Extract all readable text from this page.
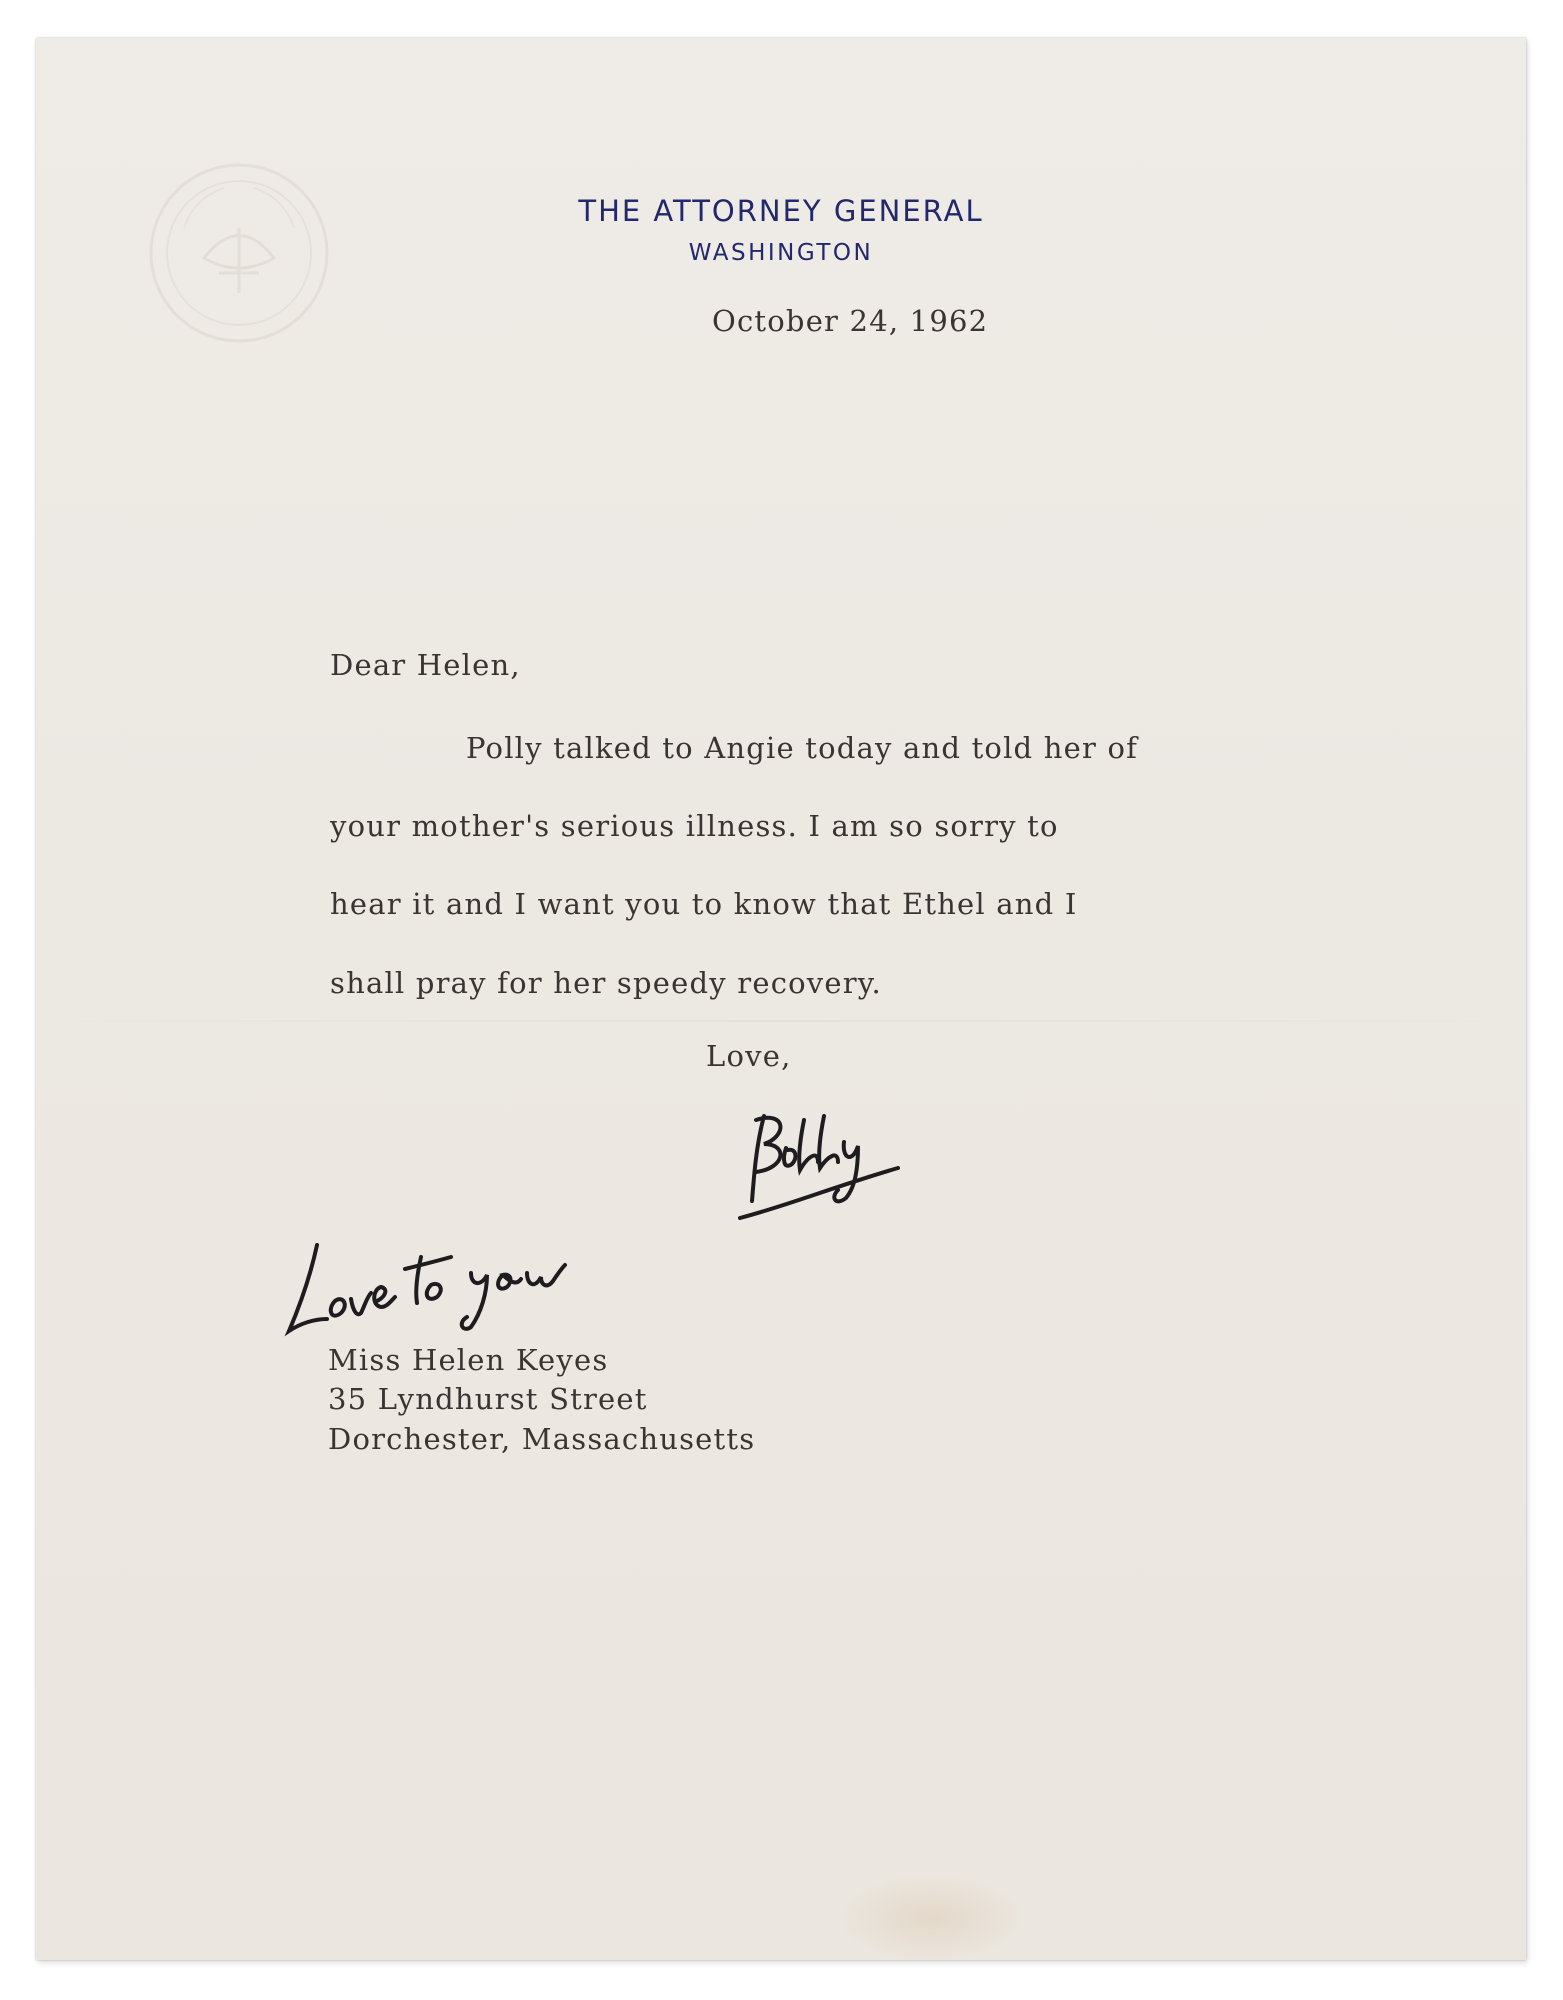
THE ATTORNEY GENERAL
WASHINGTON
October 24, 1962
Dear Helen,
Polly talked to Angie today and told her of
your mother's serious illness. I am so sorry to
hear it and I want you to know that Ethel and I
shall pray for her speedy recovery.
Love,
Miss Helen Keyes
35 Lyndhurst Street
Dorchester, Massachusetts
